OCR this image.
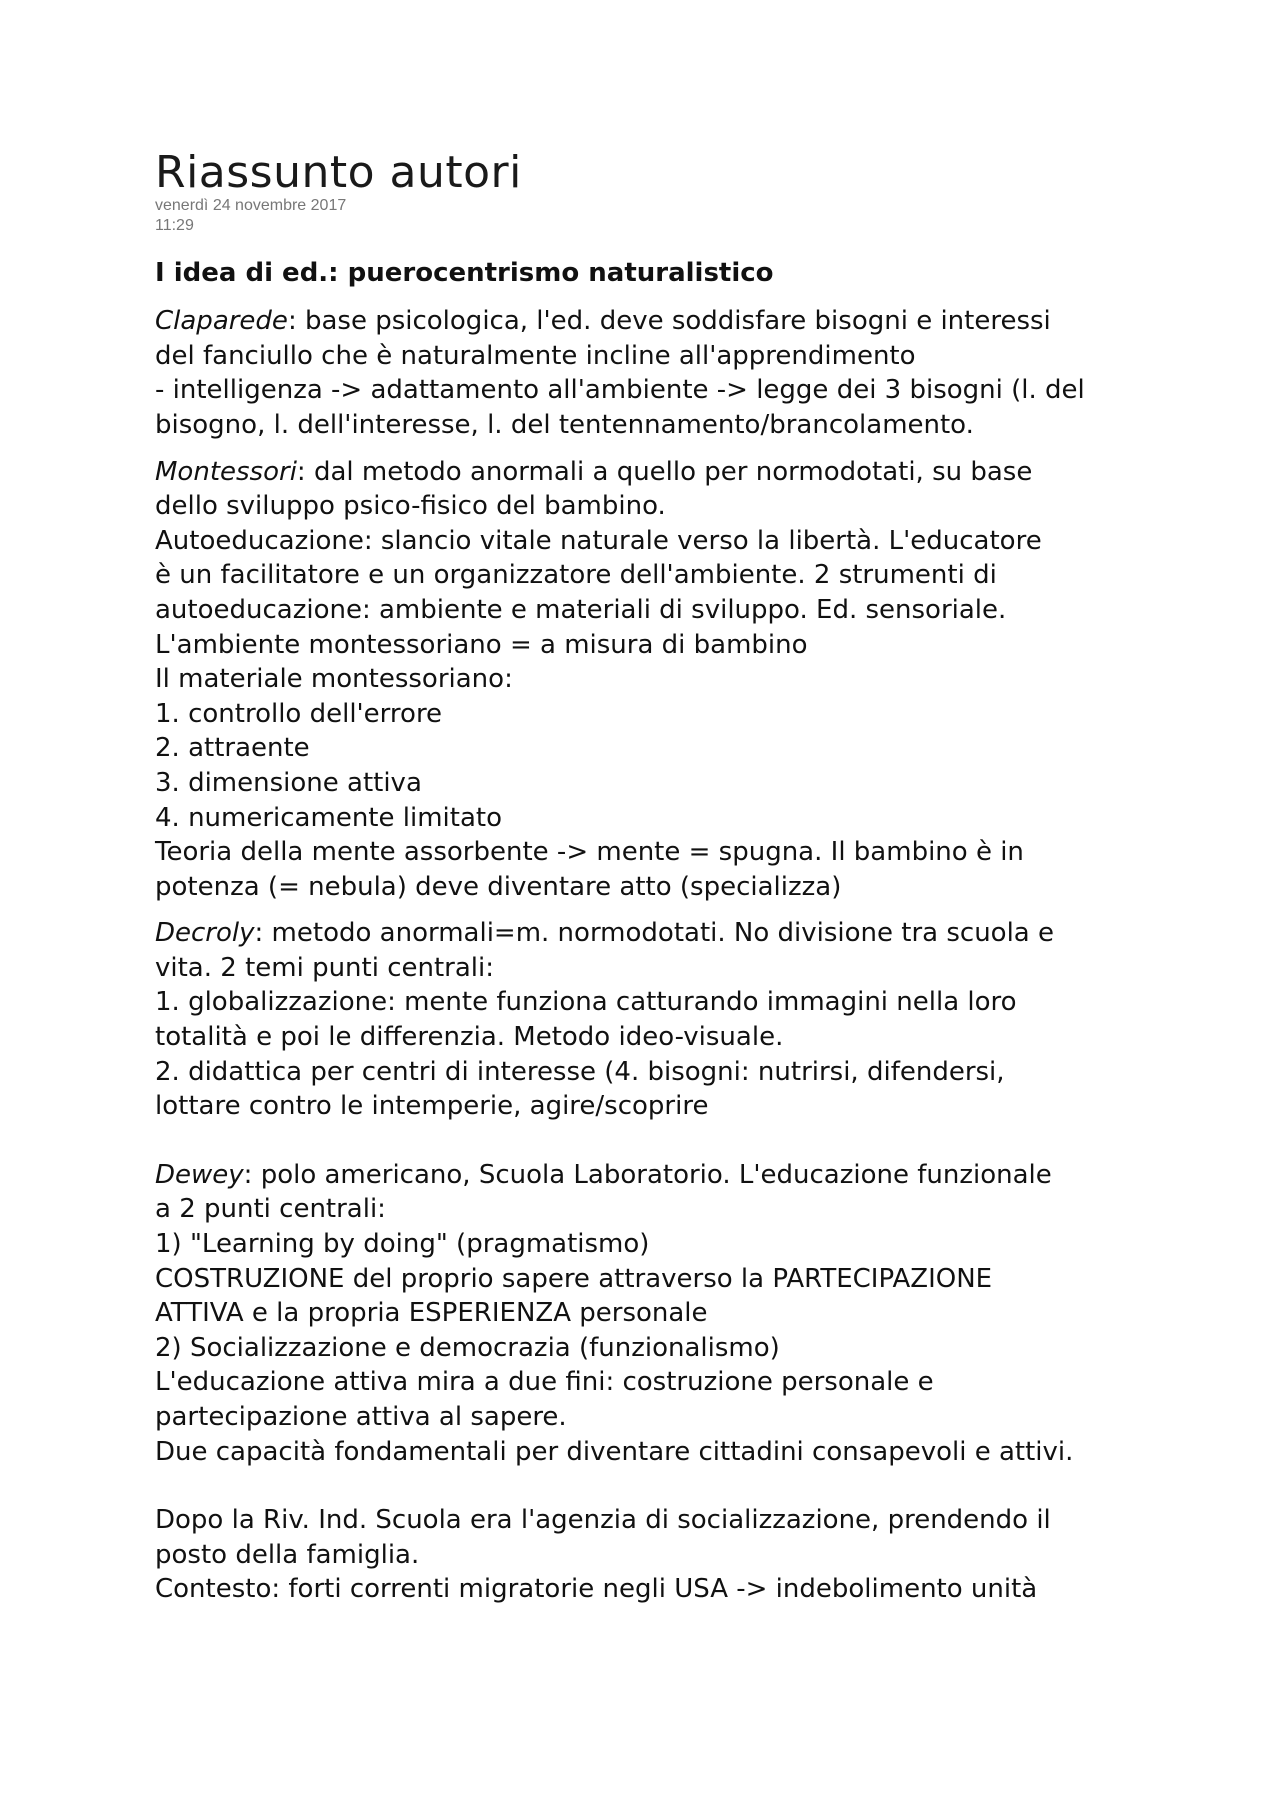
Riassunto autori
venerdì 24 novembre 2017
11:29
I idea di ed.: puerocentrismo naturalistico
Claparede: base psicologica, l'ed. deve soddisfare bisogni e interessi
del fanciullo che è naturalmente incline all'apprendimento
- intelligenza -> adattamento all'ambiente -> legge dei 3 bisogni (l. del
bisogno, l. dell'interesse, l. del tentennamento/brancolamento.
Montessori: dal metodo anormali a quello per normodotati, su base
dello sviluppo psico-fisico del bambino.
Autoeducazione: slancio vitale naturale verso la libertà. L'educatore
è un facilitatore e un organizzatore dell'ambiente. 2 strumenti di
autoeducazione: ambiente e materiali di sviluppo. Ed. sensoriale.
L'ambiente montessoriano = a misura di bambino
Il materiale montessoriano:
1. controllo dell'errore
2. attraente
3. dimensione attiva
4. numericamente limitato
Teoria della mente assorbente -> mente = spugna. Il bambino è in
potenza (= nebula) deve diventare atto (specializza)
Decroly: metodo anormali=m. normodotati. No divisione tra scuola e
vita. 2 temi punti centrali:
1. globalizzazione: mente funziona catturando immagini nella loro
totalità e poi le differenzia. Metodo ideo-visuale.
2. didattica per centri di interesse (4. bisogni: nutrirsi, difendersi,
lottare contro le intemperie, agire/scoprire
Dewey: polo americano, Scuola Laboratorio. L'educazione funzionale
a 2 punti centrali:
1) "Learning by doing" (pragmatismo)
COSTRUZIONE del proprio sapere attraverso la PARTECIPAZIONE
ATTIVA e la propria ESPERIENZA personale
2) Socializzazione e democrazia (funzionalismo)
L'educazione attiva mira a due fini: costruzione personale e
partecipazione attiva al sapere.
Due capacità fondamentali per diventare cittadini consapevoli e attivi.
Dopo la Riv. Ind. Scuola era l'agenzia di socializzazione, prendendo il
posto della famiglia.
Contesto: forti correnti migratorie negli USA -> indebolimento unità
